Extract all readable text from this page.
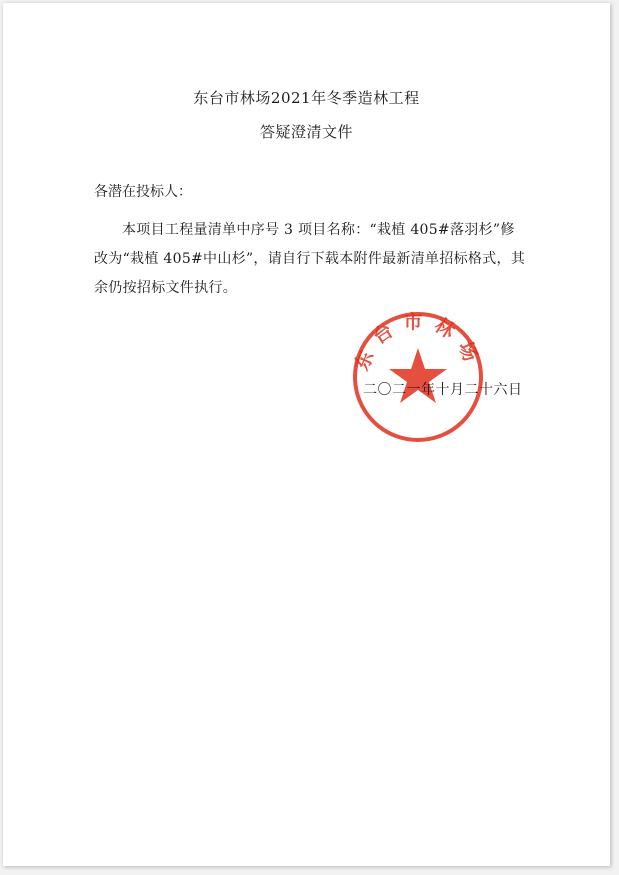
东台市林场2021年冬季造林工程
答疑澄清文件
各潜在投标人：
本项目工程量清单中序号 3 项目名称：“栽植 405#落羽杉”修改为“栽植 405#中山杉”，请自行下载本附件最新清单招标格式，其余仍按招标文件执行。
东台市林场
二〇二一年十月二十六日
